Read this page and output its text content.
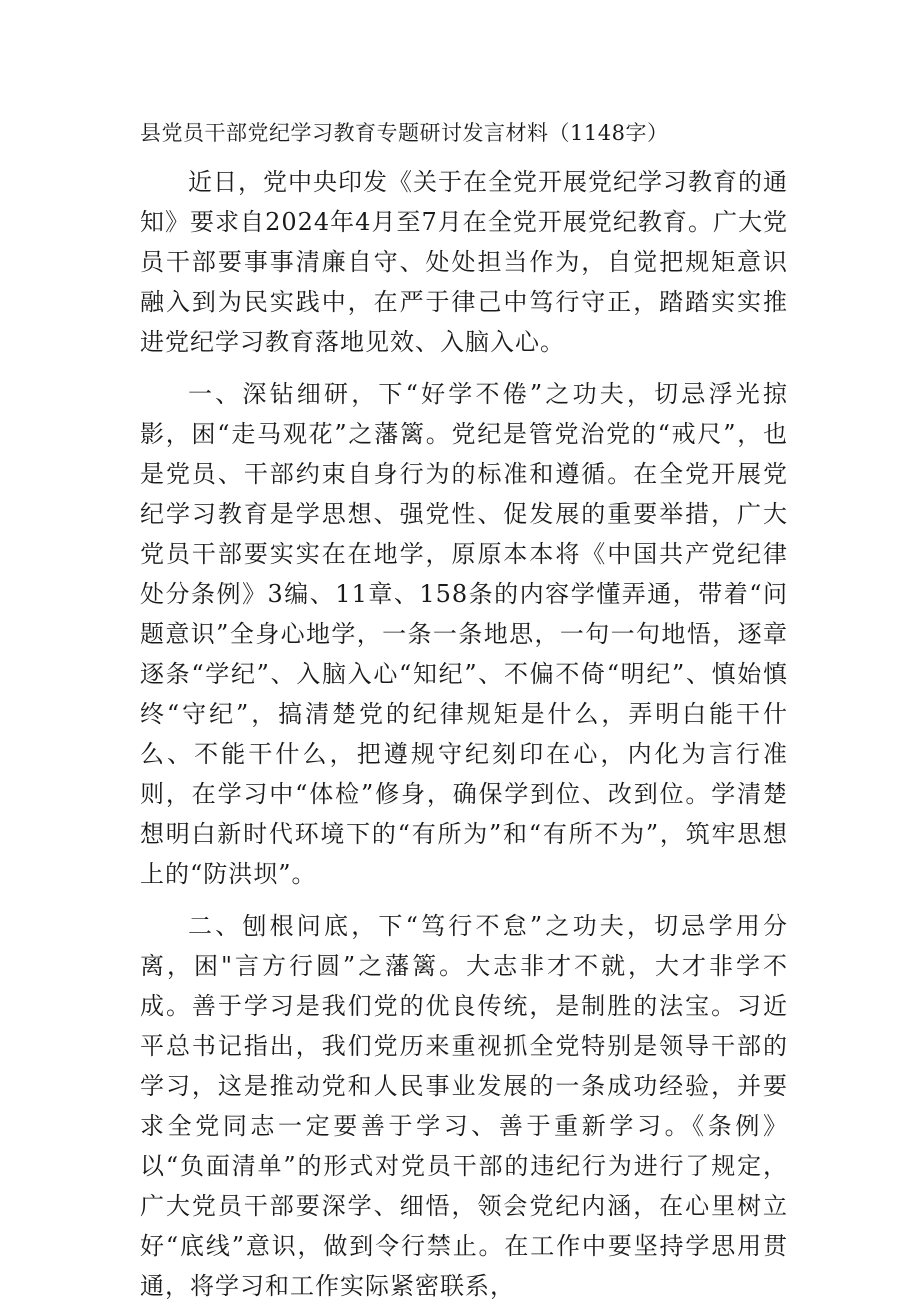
县党员干部党纪学习教育专题研讨发言材料（1148字）

近日，党中央印发《关于在全党开展党纪学习教育的通知》要求自2024年4月至7月在全党开展党纪教育。广大党员干部要事事清廉自守、处处担当作为，自觉把规矩意识融入到为民实践中，在严于律己中笃行守正，踏踏实实推进党纪学习教育落地见效、入脑入心。

一、深钻细研，下“好学不倦”之功夫，切忌浮光掠影，困“走马观花”之藩篱。党纪是管党治党的“戒尺”，也是党员、干部约束自身行为的标准和遵循。在全党开展党纪学习教育是学思想、强党性、促发展的重要举措，广大党员干部要实实在在地学，原原本本将《中国共产党纪律处分条例》3编、11章、158条的内容学懂弄通，带着“问题意识”全身心地学，一条一条地思，一句一句地悟，逐章逐条“学纪”、入脑入心“知纪”、不偏不倚“明纪”、慎始慎终“守纪”，搞清楚党的纪律规矩是什么，弄明白能干什么、不能干什么，把遵规守纪刻印在心，内化为言行准则，在学习中“体检”修身，确保学到位、改到位。学清楚想明白新时代环境下的“有所为”和“有所不为”，筑牢思想上的“防洪坝”。

二、刨根问底，下“笃行不怠”之功夫，切忌学用分离，困"言方行圆”之藩篱。大志非才不就，大才非学不成。善于学习是我们党的优良传统，是制胜的法宝。习近平总书记指出，我们党历来重视抓全党特别是领导干部的学习，这是推动党和人民事业发展的一条成功经验，并要求全党同志一定要善于学习、善于重新学习。《条例》以“负面清单”的形式对党员干部的违纪行为进行了规定，广大党员干部要深学、细悟，领会党纪内涵，在心里树立好“底线”意识，做到令行禁止。在工作中要坚持学思用贯通，将学习和工作实际紧密联系，
